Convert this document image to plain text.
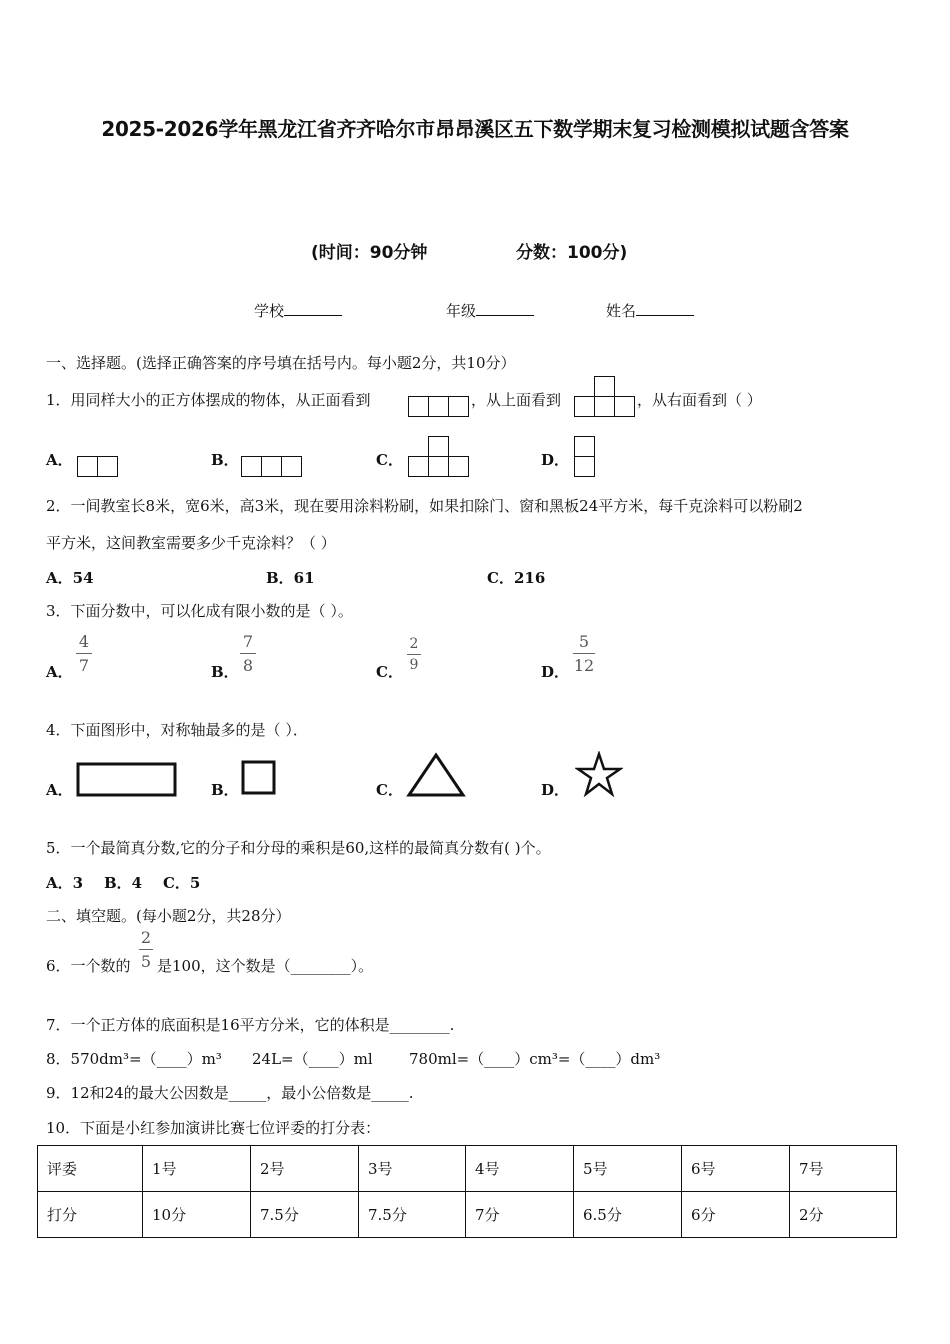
2025-2026学年黑龙江省齐齐哈尔市昂昂溪区五下数学期末复习检测模拟试题含答案
(时间：90分钟	分数：100分)
学校	年级	姓名
一、选择题。(选择正确答案的序号填在括号内。每小题2分，共10分）
1．用同样大小的正方体摆成的物体，从正面看到	，从上面看到	，从右面看到（ ）
A．	B．	C．	D．
2．一间教室长8米，宽6米，高3米，现在要用涂料粉刷，如果扣除门、窗和黑板24平方米，每千克涂料可以粉刷2
平方米，这间教室需要多少千克涂料？（ ）
A．54	B．61	C．216
3．下面分数中，可以化成有限小数的是（ ）。
A．
4
7	B．
7
8	C．
2
9	D．
5
12
4．下面图形中，对称轴最多的是（ ）．
A．	B．	C．	D．
5．一个最简真分数,它的分子和分母的乘积是60,这样的最简真分数有( )个。
A．3    B．4    C．5
二、填空题。(每小题2分，共28分）
6．一个数的
2
5 是100，这个数是（________）。
7．一个正方体的底面积是16平方分米，它的体积是________.
8．570dm³=（____）m³ 24L=（____）ml 780ml=（____）cm³=（____）dm³
9．12和24的最大公因数是_____，最小公倍数是_____.
10．下面是小红参加演讲比赛七位评委的打分表：
评委	1号	2号	3号	4号	5号	6号	7号
打分	10分	7.5分	7.5分	7分	6.5分	6分	2分
